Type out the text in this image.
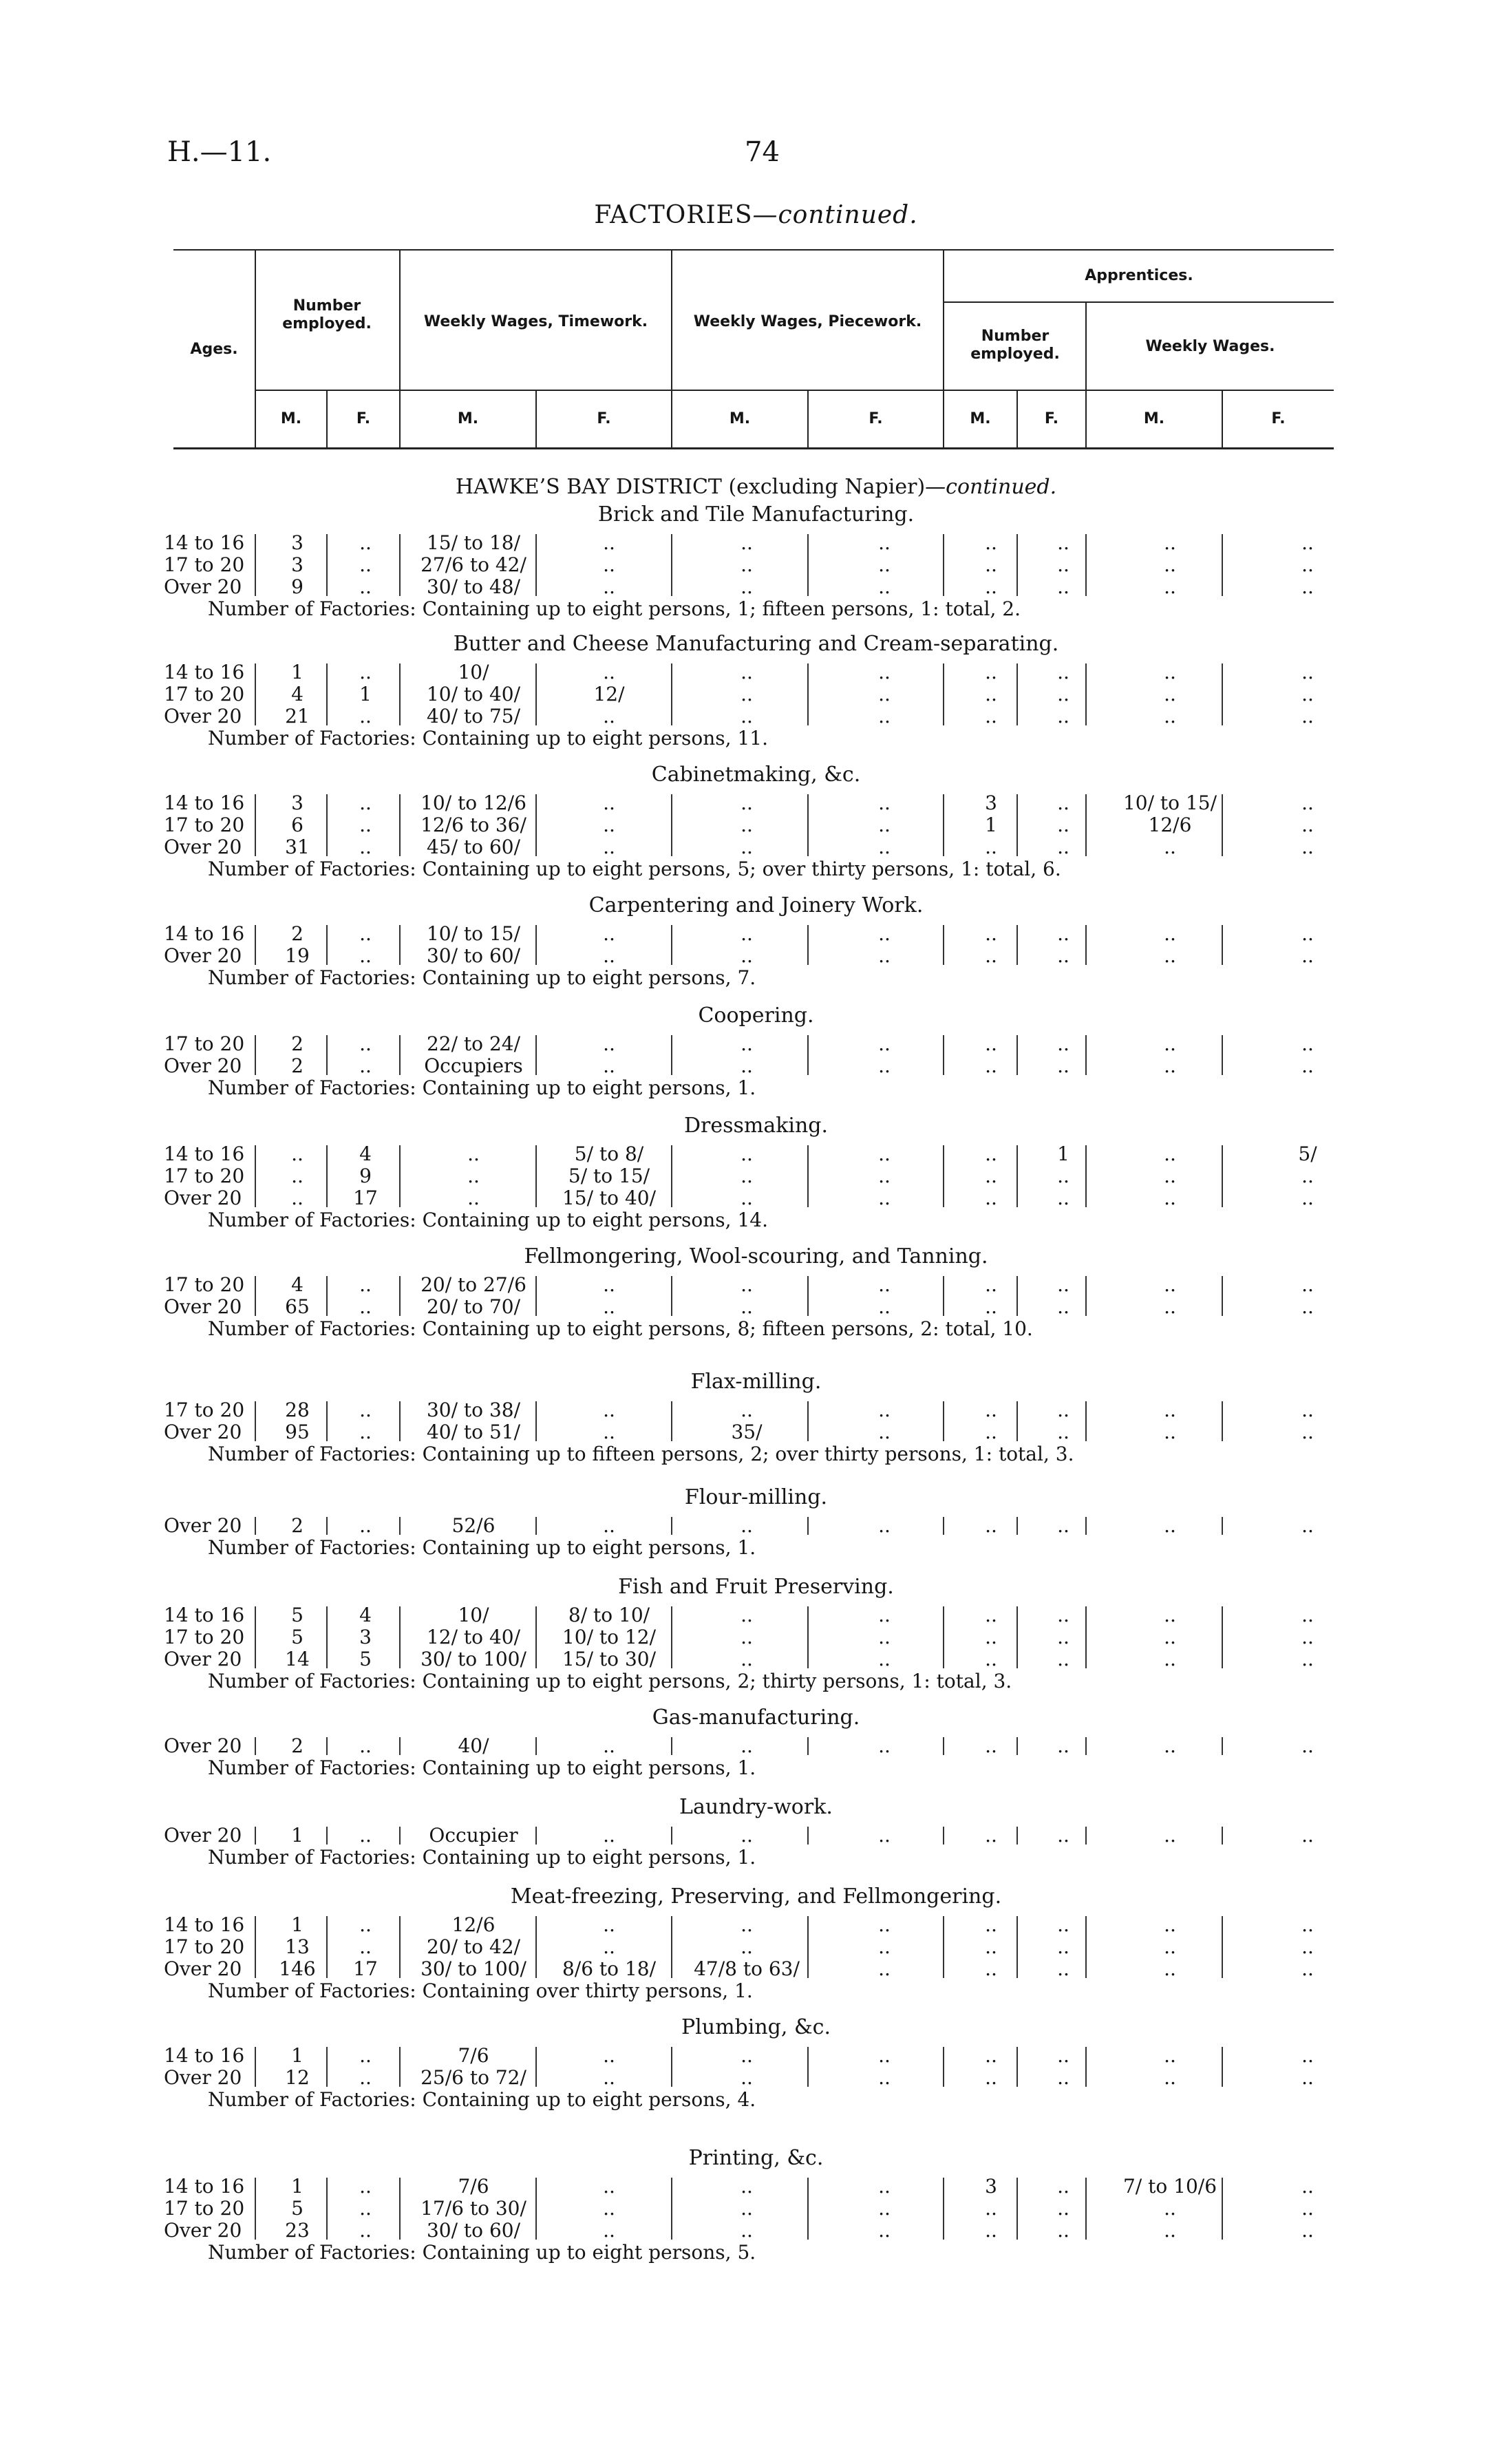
H.—11.	74
FACTORIES—continued.
Ages.
Number employed.	Weekly Wages, Timework.	Weekly Wages, Piecework.
Apprentices.
Number employed.	Weekly Wages.
M.	F.	M.	F.	M.	F.	M.	F.	M.	F.
HAWKE’S BAY DISTRICT (excluding Napier)—continued.
Brick and Tile Manufacturing.
14 to 16	3	..	15/ to 18/	..	..	..	..	..	..	..
17 to 20	3	..	27/6 to 42/	..	..	..	..	..	..	..
Over 20	9	..	30/ to 48/	..	..	..	..	..	..	..
Number of Factories: Containing up to eight persons, 1; fifteen persons, 1: total, 2.
Butter and Cheese Manufacturing and Cream-separating.
14 to 16	1	..	10/	..	..	..	..	..	..	..
17 to 20	4	1	10/ to 40/	12/	..	..	..	..	..	..
Over 20	21	..	40/ to 75/	..	..	..	..	..	..	..
Number of Factories: Containing up to eight persons, 11.
Cabinetmaking, &c.
14 to 16	3	..	10/ to 12/6	..	..	..	3	..	10/ to 15/	..
17 to 20	6	..	12/6 to 36/	..	..	..	1	..	12/6	..
Over 20	31	..	45/ to 60/	..	..	..	..	..	..	..
Number of Factories: Containing up to eight persons, 5; over thirty persons, 1: total, 6.
Carpentering and Joinery Work.
14 to 16	2	..	10/ to 15/	..	..	..	..	..	..	..
Over 20	19	..	30/ to 60/	..	..	..	..	..	..	..
Number of Factories: Containing up to eight persons, 7.
Coopering.
17 to 20	2	..	22/ to 24/	..	..	..	..	..	..	..
Over 20	2	..	Occupiers	..	..	..	..	..	..	..
Number of Factories: Containing up to eight persons, 1.
Dressmaking.
14 to 16	..	4	..	5/ to 8/	..	..	..	1	..	5/
17 to 20	..	9	..	5/ to 15/	..	..	..	..	..	..
Over 20	..	17	..	15/ to 40/	..	..	..	..	..	..
Number of Factories: Containing up to eight persons, 14.
Fellmongering, Wool-scouring, and Tanning.
17 to 20	4	..	20/ to 27/6	..	..	..	..	..	..	..
Over 20	65	..	20/ to 70/	..	..	..	..	..	..	..
Number of Factories: Containing up to eight persons, 8; fifteen persons, 2: total, 10.
Flax-milling.
17 to 20	28	..	30/ to 38/	..	..	..	..	..	..	..
Over 20	95	..	40/ to 51/	..	35/	..	..	..	..	..
Number of Factories: Containing up to fifteen persons, 2; over thirty persons, 1: total, 3.
Flour-milling.
Over 20	2	..	52/6	..	..	..	..	..	..	..
Number of Factories: Containing up to eight persons, 1.
Fish and Fruit Preserving.
14 to 16	5	4	10/	8/ to 10/	..	..	..	..	..	..
17 to 20	5	3	12/ to 40/	10/ to 12/	..	..	..	..	..	..
Over 20	14	5	30/ to 100/	15/ to 30/	..	..	..	..	..	..
Number of Factories: Containing up to eight persons, 2; thirty persons, 1: total, 3.
Gas-manufacturing.
Over 20	2	..	40/	..	..	..	..	..	..	..
Number of Factories: Containing up to eight persons, 1.
Laundry-work.
Over 20	1	..	Occupier	..	..	..	..	..	..	..
Number of Factories: Containing up to eight persons, 1.
Meat-freezing, Preserving, and Fellmongering.
14 to 16	1	..	12/6	..	..	..	..	..	..	..
17 to 20	13	..	20/ to 42/	..	..	..	..	..	..	..
Over 20	146	17	30/ to 100/	8/6 to 18/	47/8 to 63/	..	..	..	..	..
Number of Factories: Containing over thirty persons, 1.
Plumbing, &c.
14 to 16	1	..	7/6	..	..	..	..	..	..	..
Over 20	12	..	25/6 to 72/	..	..	..	..	..	..	..
Number of Factories: Containing up to eight persons, 4.
Printing, &c.
14 to 16	1	..	7/6	..	..	..	3	..	7/ to 10/6	..
17 to 20	5	..	17/6 to 30/	..	..	..	..	..	..	..
Over 20	23	..	30/ to 60/	..	..	..	..	..	..	..
Number of Factories: Containing up to eight persons, 5.
